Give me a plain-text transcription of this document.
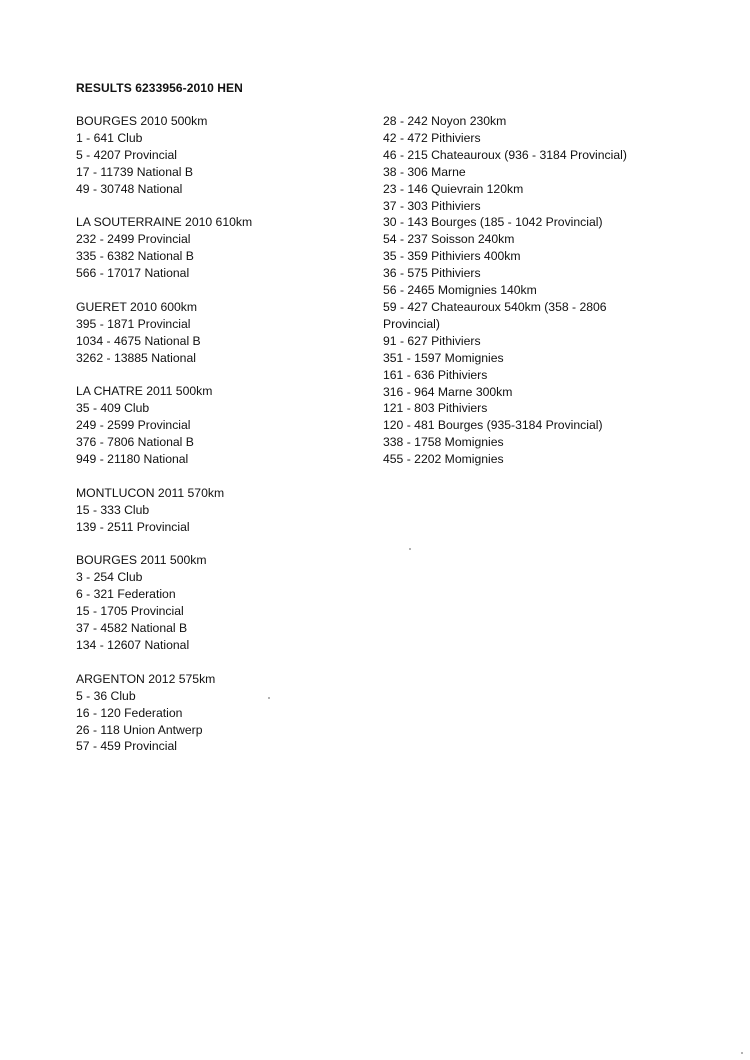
RESULTS 6233956-2010 HEN
BOURGES 2010 500km
1 - 641 Club
5 - 4207 Provincial
17 - 11739 National B
49 - 30748 National
LA SOUTERRAINE 2010 610km
232 - 2499 Provincial
335 - 6382 National B
566 - 17017 National
GUERET 2010 600km
395 - 1871 Provincial
1034 - 4675 National B
3262 - 13885 National
LA CHATRE 2011 500km
35 - 409 Club
249 - 2599 Provincial
376 - 7806 National B
949 - 21180 National
MONTLUCON 2011 570km
15 - 333 Club
139 - 2511 Provincial
BOURGES 2011 500km
3 - 254 Club
6 - 321 Federation
15 - 1705 Provincial
37 - 4582 National B
134 - 12607 National
ARGENTON 2012 575km
5 - 36 Club
16 - 120 Federation
26 - 118 Union Antwerp
57 - 459 Provincial
28 - 242 Noyon 230km
42 - 472 Pithiviers
46 - 215 Chateauroux (936 - 3184 Provincial)
38 - 306 Marne
23 - 146 Quievrain 120km
37 - 303 Pithiviers
30 - 143 Bourges (185 - 1042 Provincial)
54 - 237 Soisson 240km
35 - 359 Pithiviers 400km
36 - 575 Pithiviers
56 - 2465 Momignies 140km
59 - 427 Chateauroux 540km (358 - 2806 Provincial)
91 - 627 Pithiviers
351 - 1597 Momignies
161 - 636 Pithiviers
316 - 964 Marne 300km
121 - 803 Pithiviers
120 - 481 Bourges (935-3184 Provincial)
338 - 1758 Momignies
455 - 2202 Momignies
